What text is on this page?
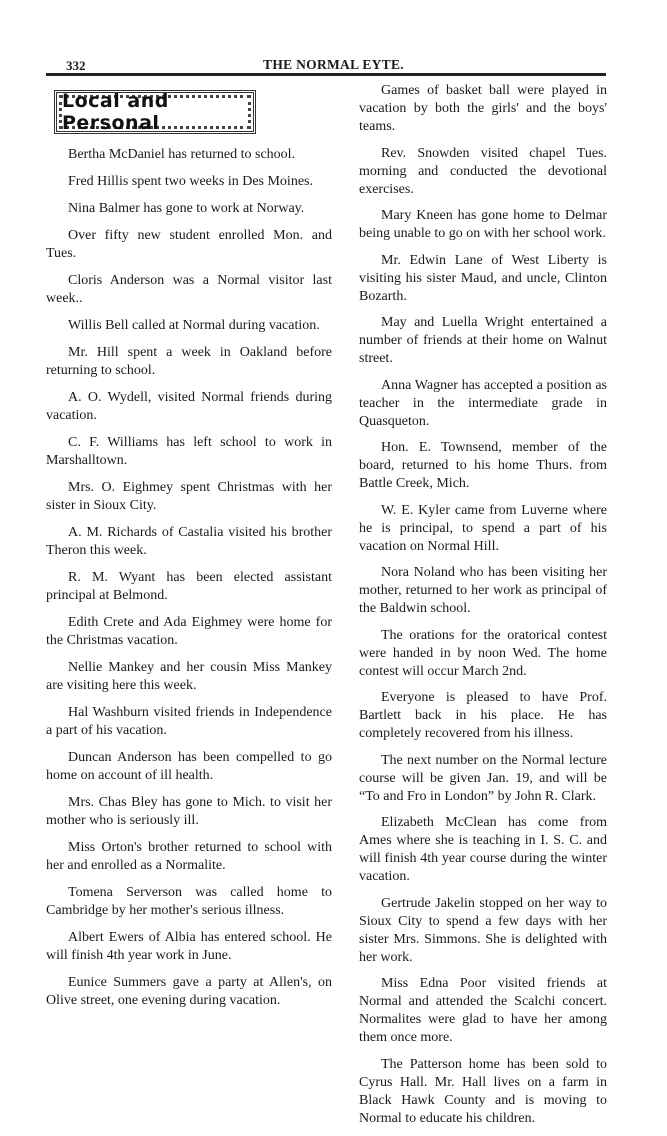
332	THE NORMAL EYTE.
Local and Personal

Bertha McDaniel has returned to school.

Fred Hillis spent two weeks in Des Moines.

Nina Balmer has gone to work at Norway.

Over fifty new student enrolled Mon. and Tues.

Cloris Anderson was a Normal visitor last week..

Willis Bell called at Normal during vacation.

Mr. Hill spent a week in Oakland before returning to school.

A. O. Wydell, visited Normal friends during vacation.

C. F. Williams has left school to work in Marshalltown.

Mrs. O. Eighmey spent Christmas with her sister in Sioux City.

A. M. Richards of Castalia visited his brother Theron this week.

R. M. Wyant has been elected assistant principal at Belmond.

Edith Crete and Ada Eighmey were home for the Christmas vacation.

Nellie Mankey and her cousin Miss Mankey are visiting here this week.

Hal Washburn visited friends in Independence a part of his vacation.

Duncan Anderson has been compelled to go home on account of ill health.

Mrs. Chas Bley has gone to Mich. to visit her mother who is seriously ill.

Miss Orton's brother returned to school with her and enrolled as a Normalite.

Tomena Serverson was called home to Cambridge by her mother's serious illness.

Albert Ewers of Albia has entered school. He will finish 4th year work in June.

Eunice Summers gave a party at Allen's, on Olive street, one evening during vacation.

Games of basket ball were played in vacation by both the girls' and the boys' teams.

Rev. Snowden visited chapel Tues. morning and conducted the devotional exercises.

Mary Kneen has gone home to Delmar being unable to go on with her school work.

Mr. Edwin Lane of West Liberty is visiting his sister Maud, and uncle, Clinton Bozarth.

May and Luella Wright entertained a number of friends at their home on Walnut street.

Anna Wagner has accepted a position as teacher in the intermediate grade in Quasqueton.

Hon. E. Townsend, member of the board, returned to his home Thurs. from Battle Creek, Mich.

W. E. Kyler came from Luverne where he is principal, to spend a part of his vacation on Normal Hill.

Nora Noland who has been visiting her mother, returned to her work as principal of the Baldwin school.

The orations for the oratorical contest were handed in by noon Wed. The home contest will occur March 2nd.

Everyone is pleased to have Prof. Bartlett back in his place. He has completely recovered from his illness.

The next number on the Normal lecture course will be given Jan. 19, and will be “To and Fro in London” by John R. Clark.

Elizabeth McClean has come from Ames where she is teaching in I. S. C. and will finish 4th year course during the winter vacation.

Gertrude Jakelin stopped on her way to Sioux City to spend a few days with her sister Mrs. Simmons. She is delighted with her work.

Miss Edna Poor visited friends at Normal and attended the Scalchi concert. Normalites were glad to have her among them once more.

The Patterson home has been sold to Cyrus Hall. Mr. Hall lives on a farm in Black Hawk County and is moving to Normal to educate his children.
